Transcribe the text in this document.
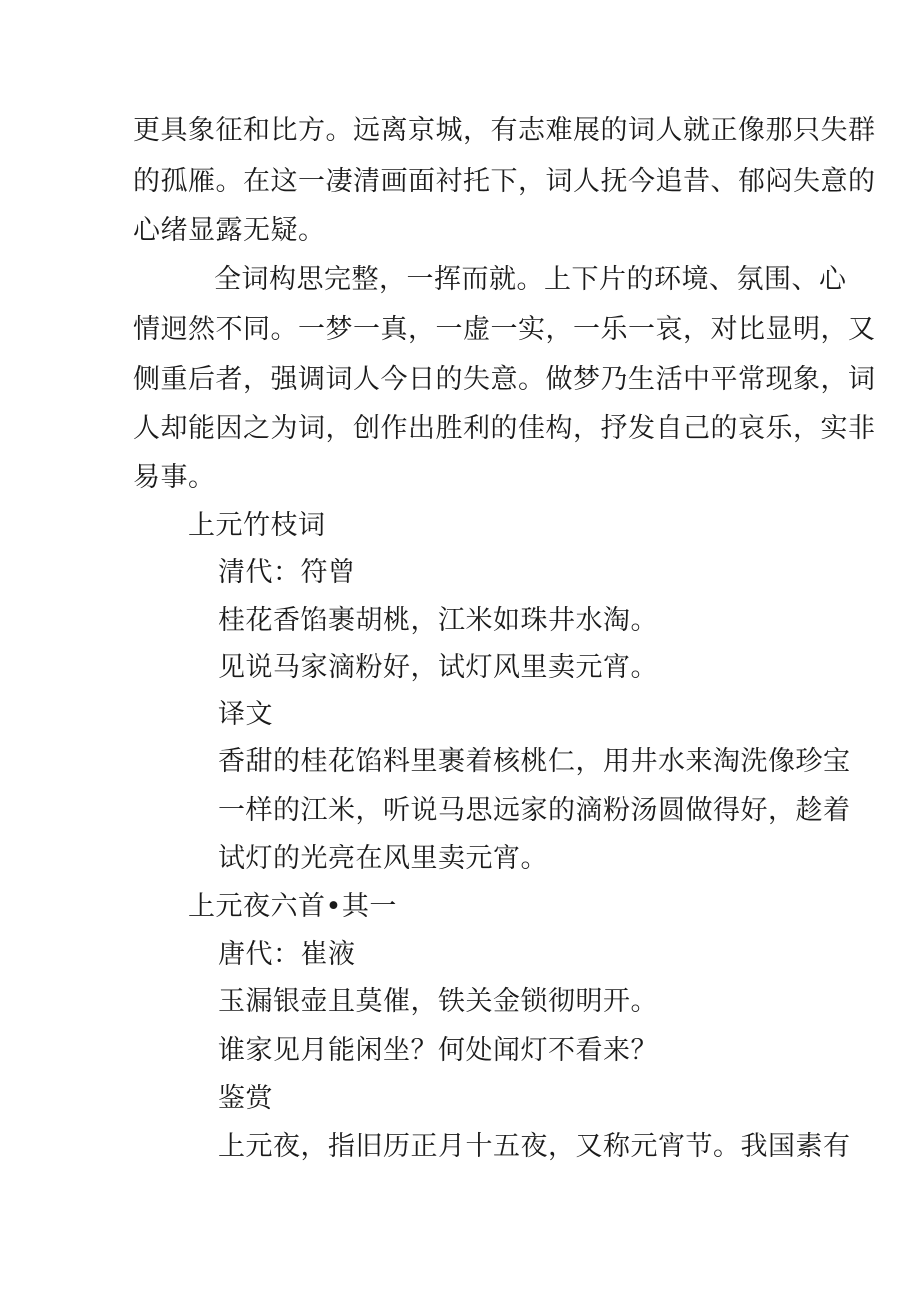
更具象征和比方。远离京城，有志难展的词人就正像那只失群
的孤雁。在这一凄清画面衬托下，词人抚今追昔、郁闷失意的
心绪显露无疑。
全词构思完整，一挥而就。上下片的环境、氛围、心
情迥然不同。一梦一真，一虚一实，一乐一哀，对比显明，又
侧重后者，强调词人今日的失意。做梦乃生活中平常现象，词
人却能因之为词，创作出胜利的佳构，抒发自己的哀乐，实非
易事。
上元竹枝词
清代：符曾
桂花香馅裹胡桃，江米如珠井水淘。
见说马家滴粉好，试灯风里卖元宵。
译文
香甜的桂花馅料里裹着核桃仁，用井水来淘洗像珍宝
一样的江米，听说马思远家的滴粉汤圆做得好，趁着
试灯的光亮在风里卖元宵。
上元夜六首•其一
唐代：崔液
玉漏银壶且莫催，铁关金锁彻明开。
谁家见月能闲坐？何处闻灯不看来？
鉴赏
上元夜，指旧历正月十五夜，又称元宵节。我国素有
